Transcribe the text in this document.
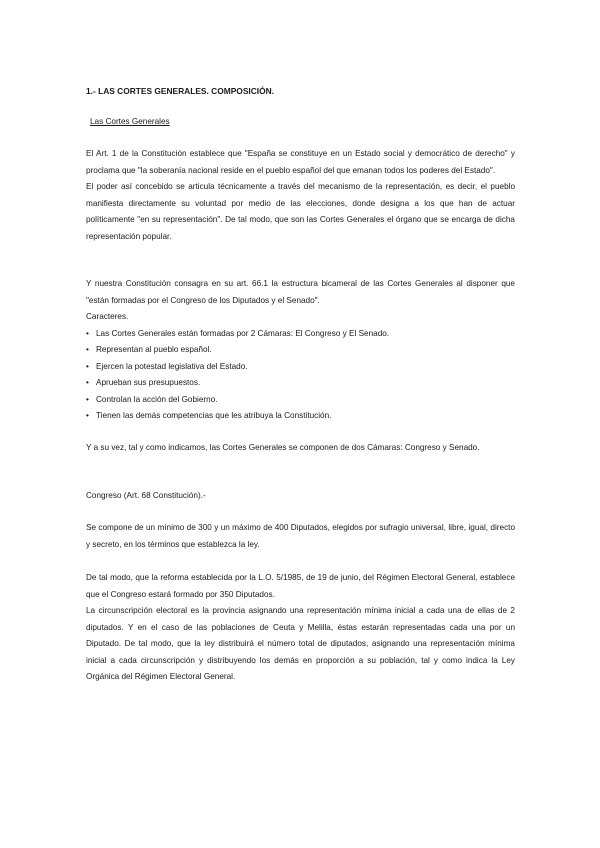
1.- LAS CORTES GENERALES. COMPOSICIÓN.
Las Cortes Generales

El Art. 1 de la Constitución establece que "España se constituye en un Estado social y democrático de derecho" y proclama que "la soberanía nacional reside en el pueblo español del que emanan todos los poderes del Estado".

El poder así concebido se articula técnicamente a través del mecanismo de la representación, es decir, el pueblo manifiesta directamente su voluntad por medio de las elecciones, donde designa a los que han de actuar políticamente "en su representación". De tal modo, que son las Cortes Generales el órgano que se encarga de dicha representación popular.

Y nuestra Constitución consagra en su art. 66.1 la estructura bicameral de las Cortes Generales al disponer que "están formadas por el Congreso de los Diputados y el Senado".

Caracteres.

• Las Cortes Generales están formadas por 2 Cámaras: El Congreso y El Senado.
• Representan al pueblo español.
• Ejercen la potestad legislativa del Estado.
• Aprueban sus presupuestos.
• Controlan la acción del Gobierno.
• Tienen las demás competencias que les atribuya la Constitución.

Y a su vez, tal y como indicamos, las Cortes Generales se componen de dos Cámaras: Congreso y Senado.

Congreso (Art. 68 Constitución).-

Se compone de un mínimo de 300 y un máximo de 400 Diputados, elegidos por sufragio universal, libre, igual, directo y secreto, en los términos que establezca la ley.

De tal modo, que la reforma establecida por la L.O. 5/1985, de 19 de junio, del Régimen Electoral General, establece que el Congreso estará formado por 350 Diputados.

La circunscripción electoral es la provincia asignando una representación mínima inicial a cada una de ellas de 2 diputados. Y en el caso de las poblaciones de Ceuta y Melilla, éstas estarán representadas cada una por un Diputado. De tal modo, que la ley distribuirá el número total de diputados, asignando una representación mínima inicial a cada circunscripción y distribuyendo los demás en proporción a su población, tal y como indica la Ley Orgánica del Régimen Electoral General.
